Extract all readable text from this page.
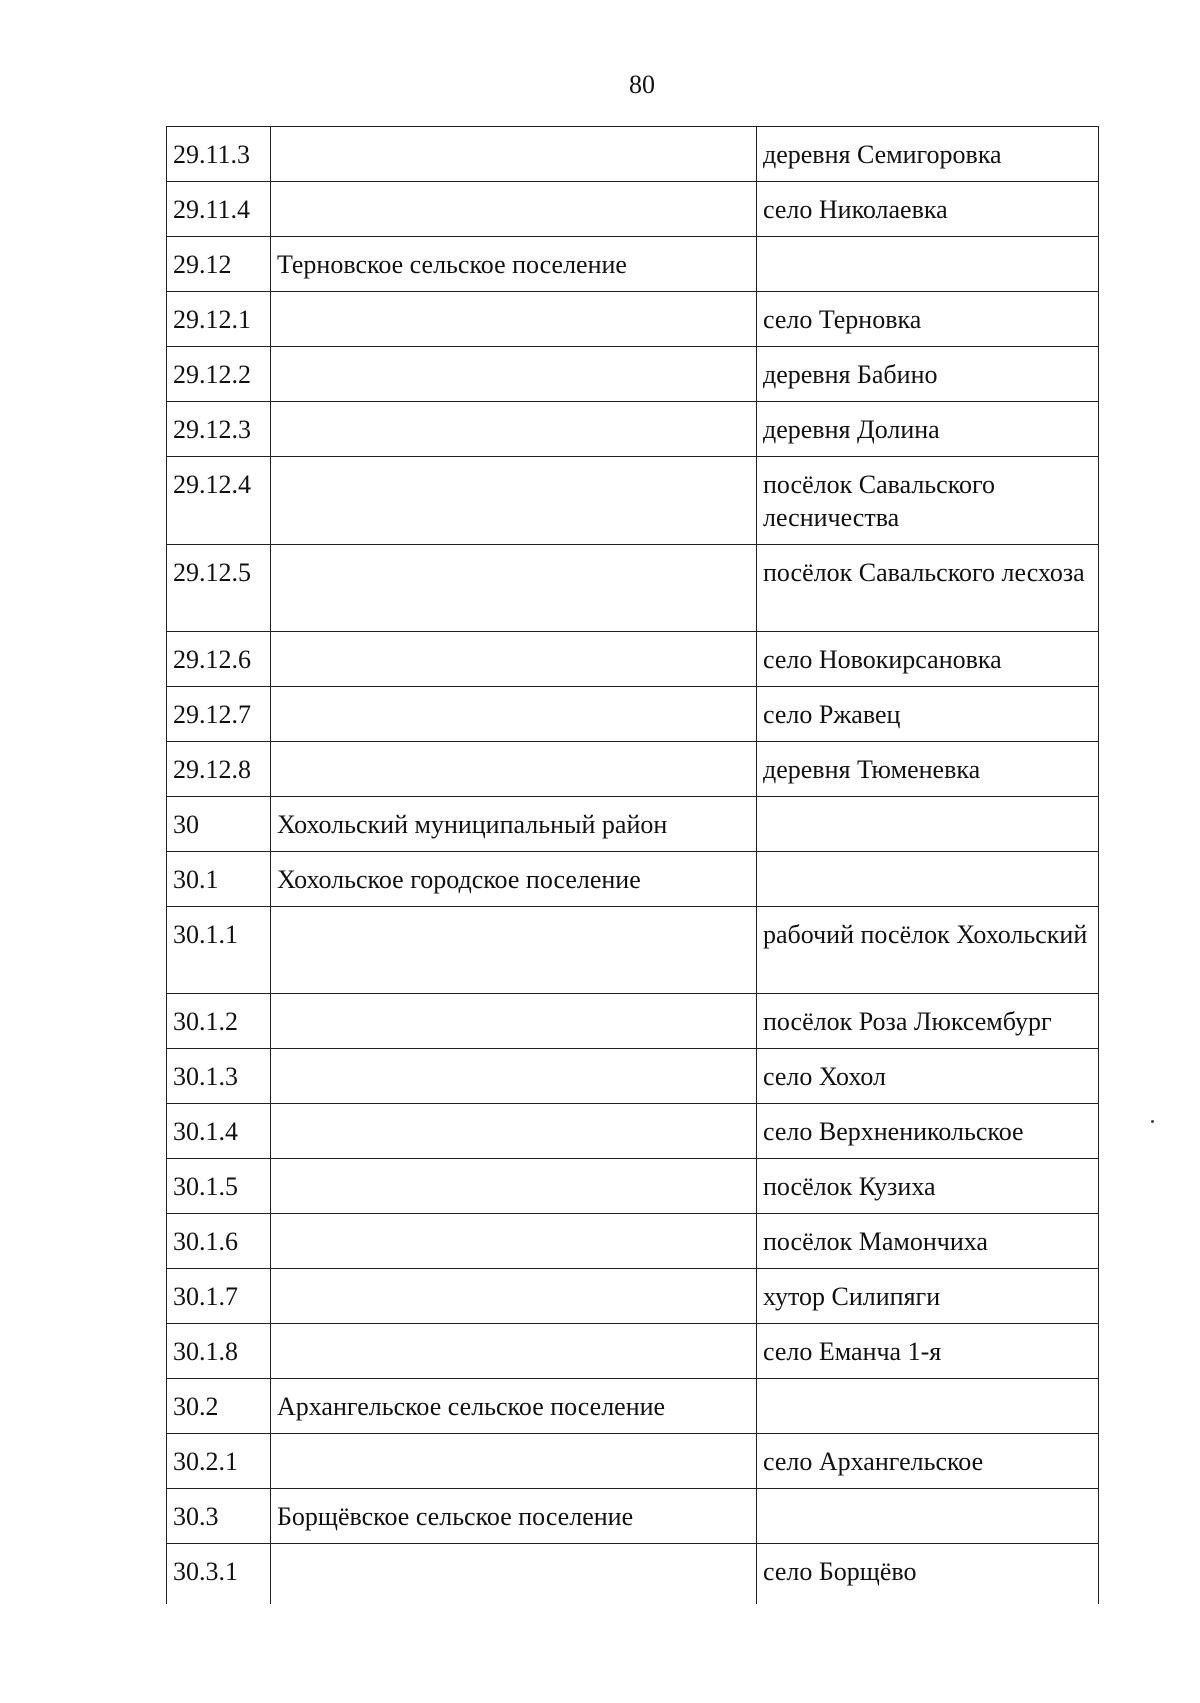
80
29.11.3		деревня Семигоровка
29.11.4		село Николаевка
29.12	Терновское сельское поселение	
29.12.1		село Терновка
29.12.2		деревня Бабино
29.12.3		деревня Долина
29.12.4		посёлок Савальского лесничества
29.12.5		посёлок Савальского лесхоза
29.12.6		село Новокирсановка
29.12.7		село Ржавец
29.12.8		деревня Тюменевка
30	Хохольский муниципальный район	
30.1	Хохольское городское поселение	
30.1.1		рабочий посёлок Хохольский
30.1.2		посёлок Роза Люксембург
30.1.3		село Хохол
30.1.4		село Верхненикольское
30.1.5		посёлок Кузиха
30.1.6		посёлок Мамончиха
30.1.7		хутор Силипяги
30.1.8		село Еманча 1-я
30.2	Архангельское сельское поселение	
30.2.1		село Архангельское
30.3	Борщёвское сельское поселение	
30.3.1		село Борщёво
